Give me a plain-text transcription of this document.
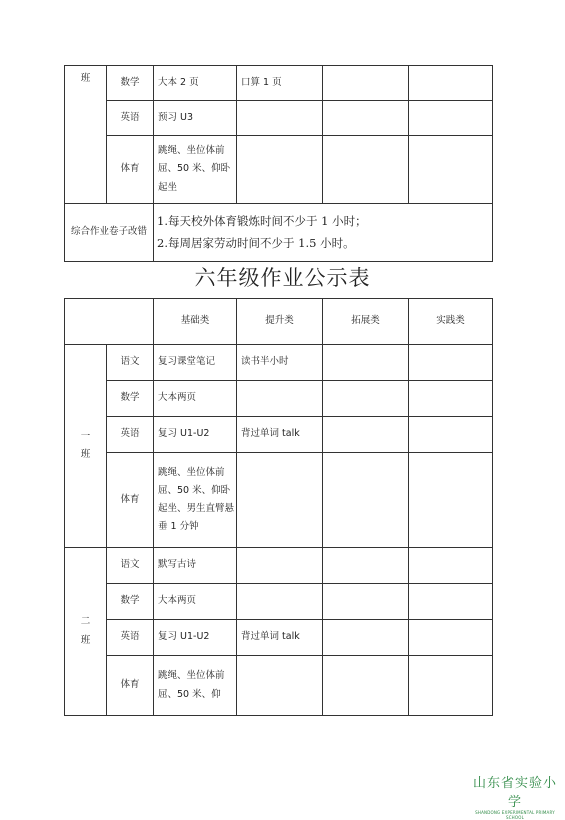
班	数学	大本 2 页	口算 1 页		
	英语	预习 U3			
	体育	跳绳、坐位体前屈、50 米、仰卧起坐			
综合作业卷子改错		1.每天校外体育锻炼时间不少于 1 小时；
2.每周居家劳动时间不少于 1.5 小时。			
六年级作业公示表
		基础类	提升类	拓展类	实践类

一
班	语文	复习课堂笔记	读书半小时		
	数学	大本两页			
	英语	复习 U1-U2	背过单词 talk		
	体育	跳绳、坐位体前屈、50 米、仰卧起坐、男生直臂悬垂 1 分钟			

二
班	语文	默写古诗			
	数学	大本两页			
	英语	复习 U1-U2	背过单词 talk		
	体育	跳绳、坐位体前屈、50 米、仰			
山东省实验小学
SHANDONG EXPERIMENTAL PRIMARY SCHOOL
